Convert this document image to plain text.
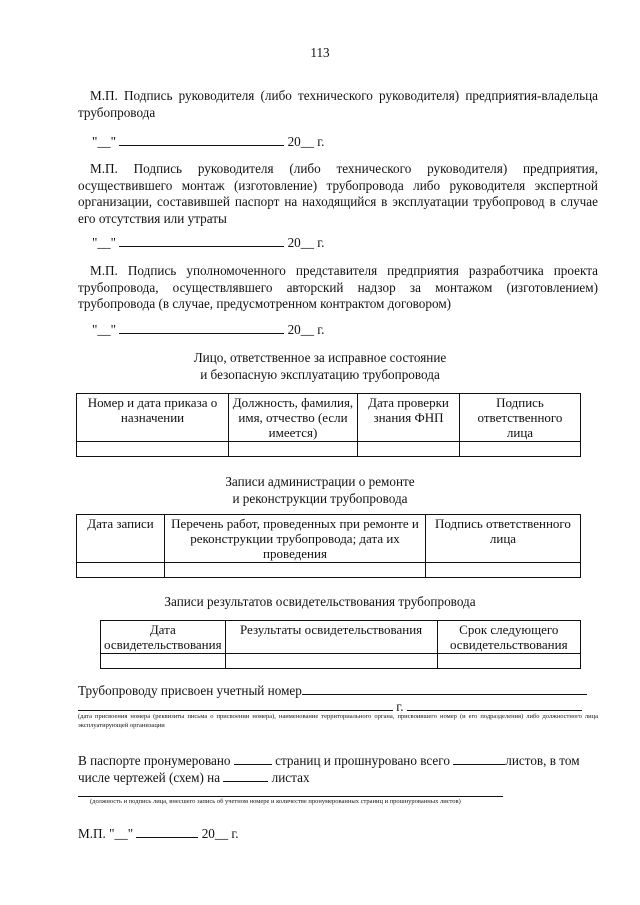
113
М.П. Подпись руководителя (либо технического руководителя) предприятия-владельца трубопровода
"__"	20__ г.
М.П. Подпись руководителя (либо технического руководителя) предприятия, осуществившего монтаж (изготовление) трубопровода либо руководителя экспертной организации, составившей паспорт на находящийся в эксплуатации трубопровод в случае его отсутствия или утраты
"__"	20__ г.
М.П. Подпись уполномоченного представителя предприятия разработчика проекта трубопровода, осуществлявшего авторский надзор за монтажом (изготовлением) трубопровода (в случае, предусмотренном контрактом договором)
"__"	20__ г.
Лицо, ответственное за исправное состояние
и безопасную эксплуатацию трубопровода
Номер и дата приказа о назначении	Должность, фамилия, имя, отчество (если имеется)	Дата проверки знания ФНП	Подпись ответственного лица

Записи администрации о ремонте
и реконструкции трубопровода
Дата записи	Перечень работ, проведенных при ремонте и реконструкции трубопровода; дата их проведения	Подпись ответственного лица

Записи результатов освидетельствования трубопровода
Дата освидетельствования	Результаты освидетельствования	Срок следующего освидетельствования

Трубопроводу присвоен учетный номер
г.
(дата присвоения номера (реквизиты письма о присвоении номера), наименование территориального органа, присвоившего номер (и его подразделения) либо должностного лица эксплуатирующей организации
В паспорте пронумеровано	страниц и прошнуровано всего	листов, в том
числе чертежей (схем) на	листах
(должность и подпись лица, внесшего запись об учетном номере и количестве пронумерованных страниц и прошнурованных листов)
М.П. "__"	20__ г.
